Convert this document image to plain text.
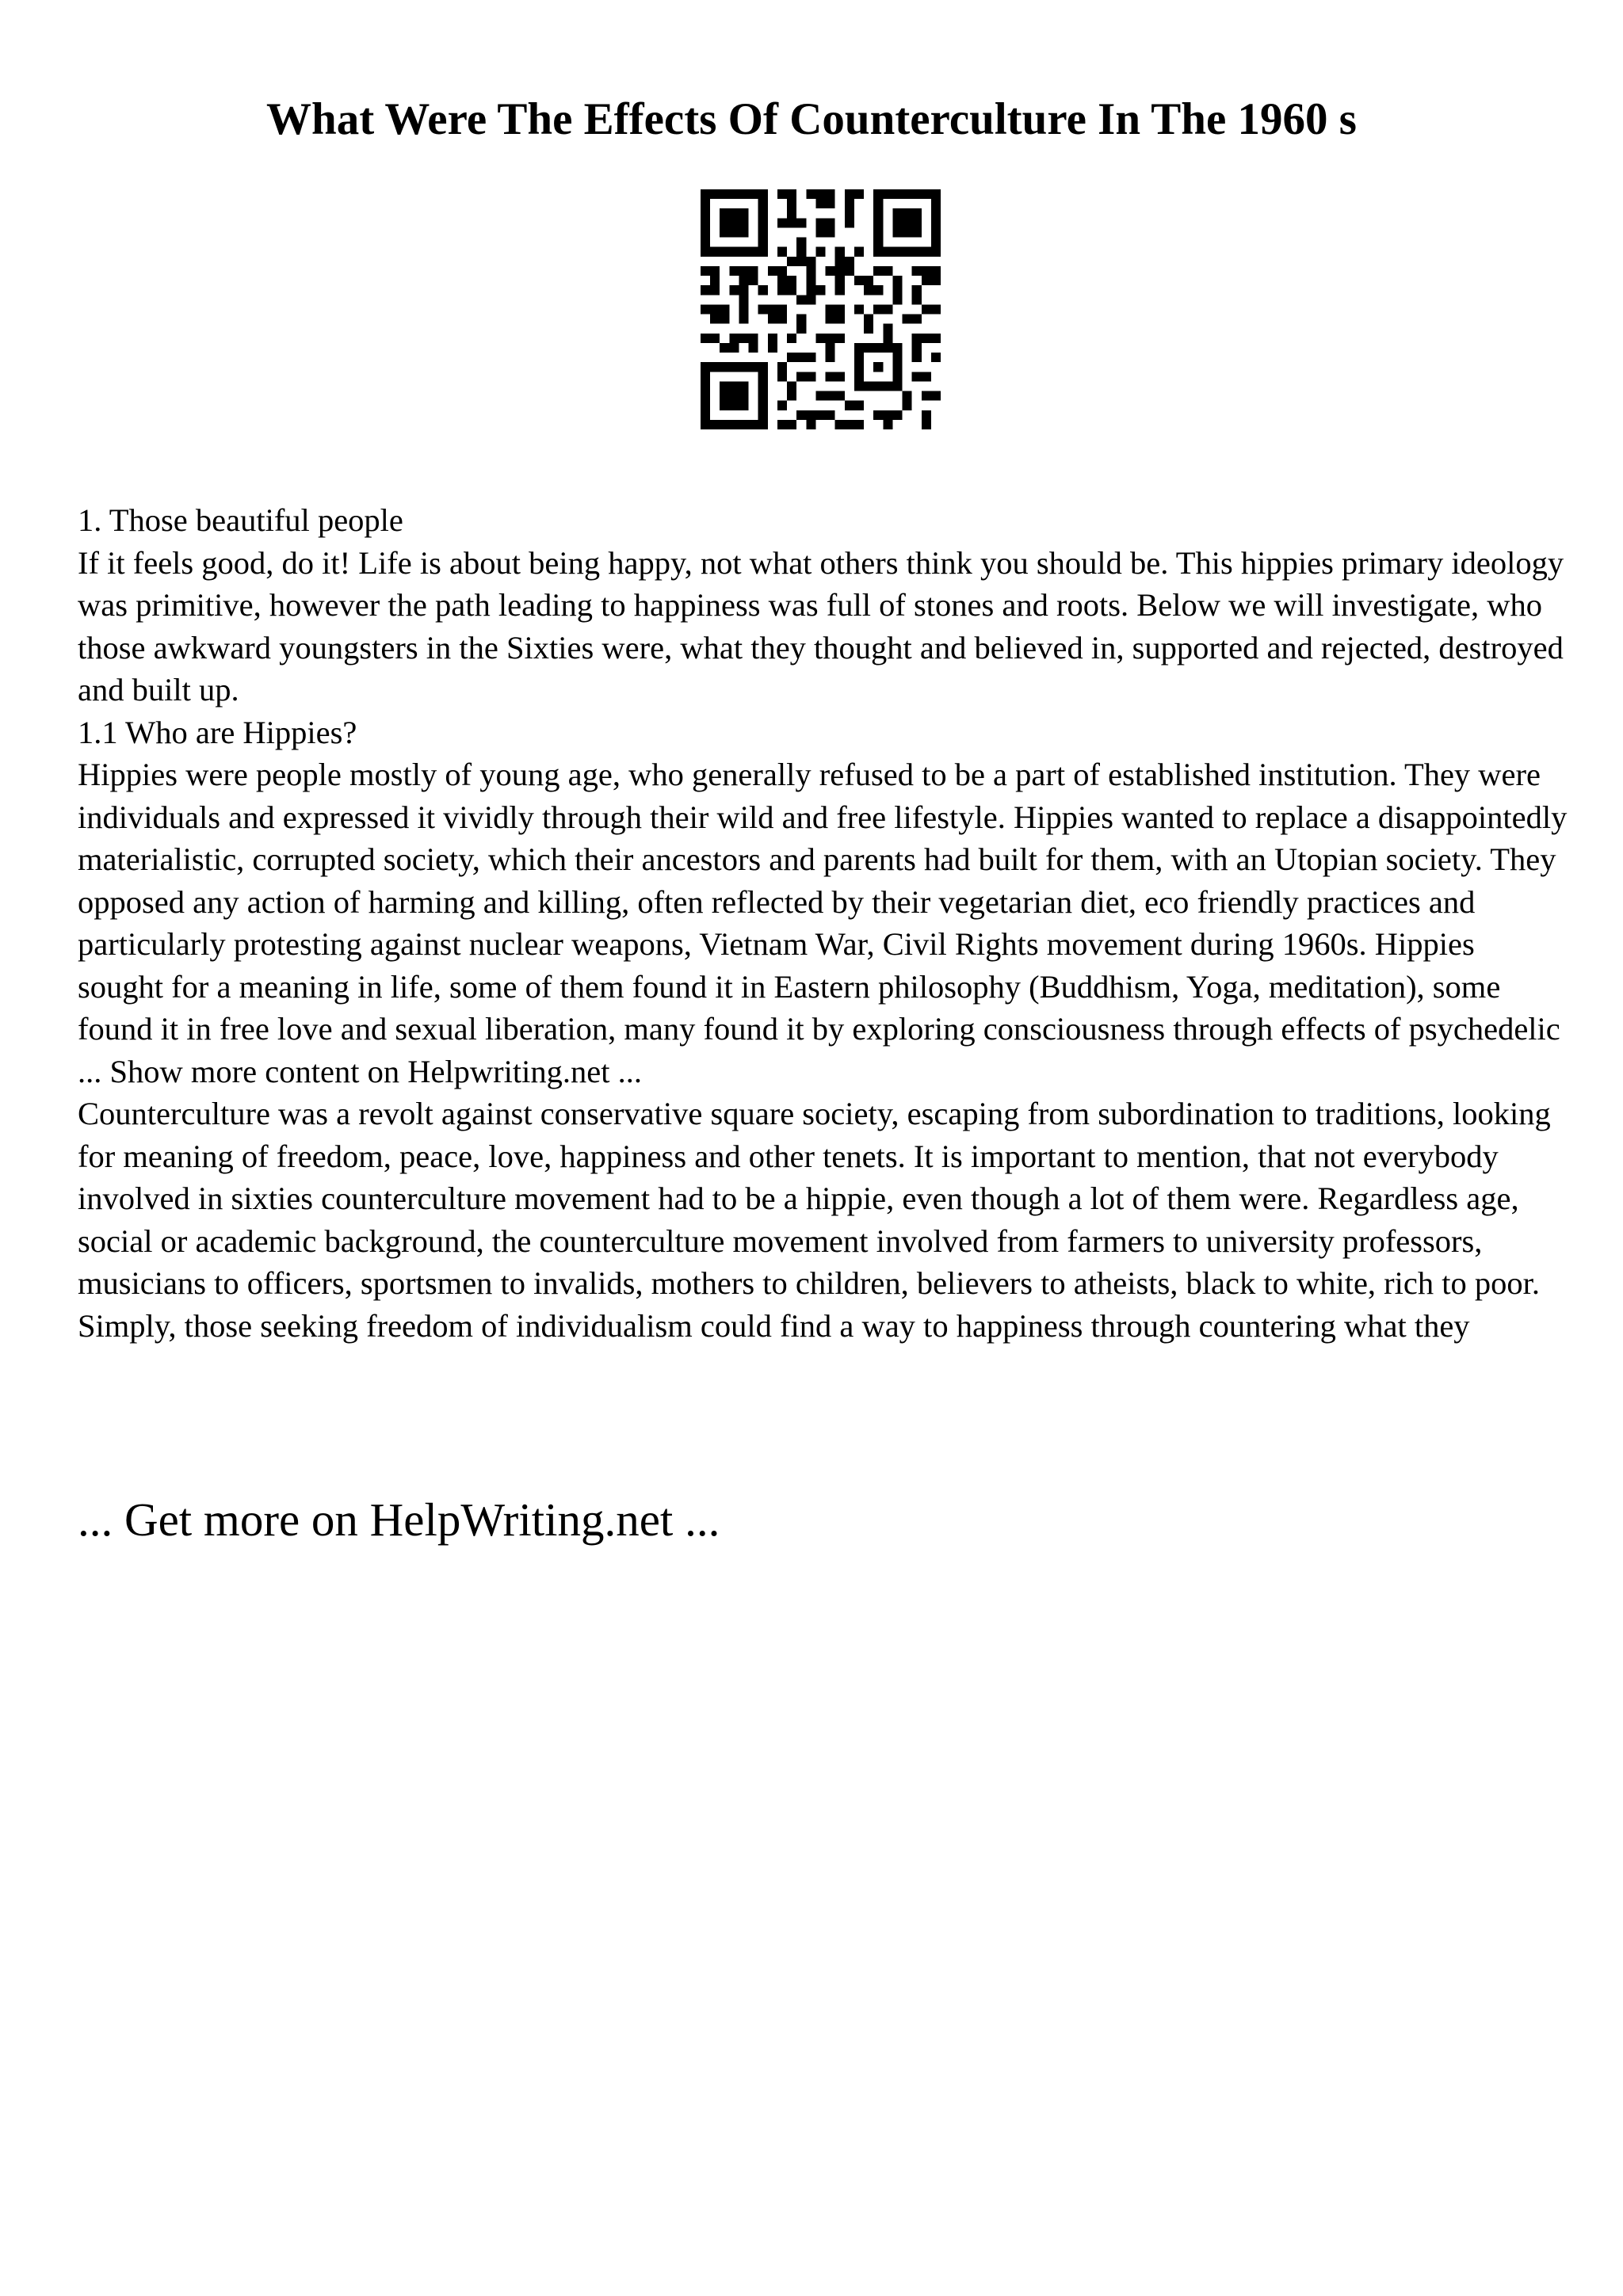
What Were The Effects Of Counterculture In The 1960 s

1. Those beautiful people

If it feels good, do it! Life is about being happy, not what others think you should be. This hippies primary ideology was primitive, however the path leading to happiness was full of stones and roots. Below we will investigate, who those awkward youngsters in the Sixties were, what they thought and believed in, supported and rejected, destroyed and built up.

1.1 Who are Hippies?

Hippies were people mostly of young age, who generally refused to be a part of established institution. They were individuals and expressed it vividly through their wild and free lifestyle. Hippies wanted to replace a disappointedly materialistic, corrupted society, which their ancestors and parents had built for them, with an Utopian society. They opposed any action of harming and killing, often reflected by their vegetarian diet, eco friendly practices and particularly protesting against nuclear weapons, Vietnam War, Civil Rights movement during 1960s. Hippies sought for a meaning in life, some of them found it in Eastern philosophy (Buddhism, Yoga, meditation), some found it in free love and sexual liberation, many found it by exploring consciousness through effects of psychedelic ... Show more content on Helpwriting.net ...

Counterculture was a revolt against conservative square society, escaping from subordination to traditions, looking for meaning of freedom, peace, love, happiness and other tenets. It is important to mention, that not everybody involved in sixties counterculture movement had to be a hippie, even though a lot of them were. Regardless age, social or academic background, the counterculture movement involved from farmers to university professors, musicians to officers, sportsmen to invalids, mothers to children, believers to atheists, black to white, rich to poor. Simply, those seeking freedom of individualism could find a way to happiness through countering what they

... Get more on HelpWriting.net ...
